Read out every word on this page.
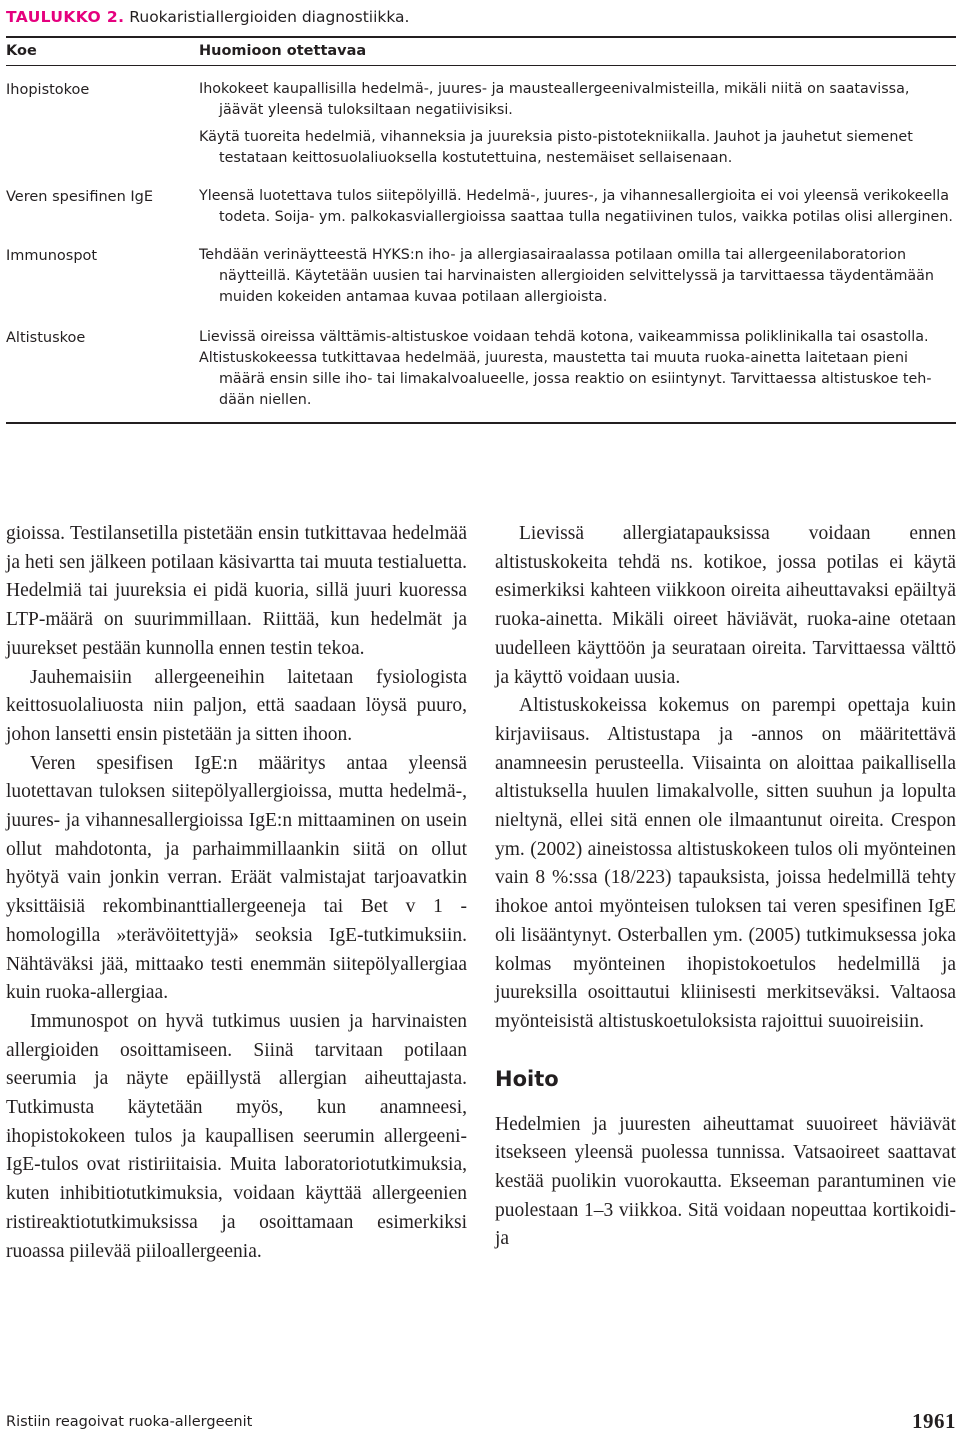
TAULUKKO 2. Ruokaristiallergioiden diagnostiikka.
Koe	Huomioon otettavaa
Ihopistokoe	Ihokokeet kaupallisilla hedelmä-, juures- ja mausteallergeenivalmisteilla, mikäli niitä on saatavissa,
jäävät yleensä tuloksiltaan negatiivisiksi.
Käytä tuoreita hedelmiä, vihanneksia ja juureksia pisto-pistotekniikalla. Jauhot ja jauhetut siemenet
testataan keittosuolaliuoksella kostutettuina, nestemäiset sellaisenaan.
Veren spesifinen IgE	Yleensä luotettava tulos siitepölyillä. Hedelmä-, juures-, ja vihannesallergioita ei voi yleensä verikokeella
todeta. Soija- ym. palkokasviallergioissa saattaa tulla negatiivinen tulos, vaikka potilas olisi allerginen.
Immunospot	Tehdään verinäytteestä HYKS:n iho- ja allergiasairaalassa potilaan omilla tai allergeenilaboratorion
näytteillä. Käytetään uusien tai harvinaisten allergioiden selvittelyssä ja tarvittaessa täydentämään
muiden kokeiden antamaa kuvaa potilaan allergioista.
Altistuskoe	Lievissä oireissa välttämis-altistuskoe voidaan tehdä kotona, vaikeammissa poliklinikalla tai osastolla.
Altistuskokeessa tutkittavaa hedelmää, juuresta, maustetta tai muuta ruoka-ainetta laitetaan pieni
määrä ensin sille iho- tai limakalvoalueelle, jossa reaktio on esiintynyt. Tarvittaessa altistuskoe teh-
dään niellen.

gioissa. Testilansetilla pistetään ensin tutkittavaa hedelmää ja heti sen jälkeen potilaan käsivartta tai muuta testialuetta. Hedelmiä tai juureksia ei pidä kuoria, sillä juuri kuoressa LTP-määrä on suurimmillaan. Riittää, kun hedelmät ja juurekset pestään kunnolla ennen testin tekoa.

Jauhemaisiin allergeeneihin laitetaan fysiologista keittosuolaliuosta niin paljon, että saadaan löysä puuro, johon lansetti ensin pistetään ja sitten ihoon.

Veren spesifisen IgE:n määritys antaa yleensä luotettavan tuloksen siitepölyallergioissa, mutta hedelmä-, juures- ja vihannesallergioissa IgE:n mittaaminen on usein ollut mahdotonta, ja parhaimmillaankin siitä on ollut hyötyä vain jonkin verran. Eräät valmistajat tarjoavatkin yksittäisiä rekombinanttiallergeeneja tai Bet v 1 -homologilla »terävöitettyjä» seoksia IgE-tutkimuksiin. Nähtäväksi jää, mittaako testi enemmän siitepölyallergiaa kuin ruoka-allergiaa.

Immunospot on hyvä tutkimus uusien ja harvinaisten allergioiden osoittamiseen. Siinä tarvitaan potilaan seerumia ja näyte epäillystä allergian aiheuttajasta. Tutkimusta käytetään myös, kun anamneesi, ihopistokokeen tulos ja kaupallisen seerumin allergeeni-IgE-tulos ovat ristiriitaisia. Muita laboratoriotutkimuksia, kuten inhibitiotutkimuksia, voidaan käyttää allergeenien ristireaktiotutkimuksissa ja osoittamaan esimerkiksi ruoassa piilevää piiloallergeenia.

Lievissä allergiatapauksissa voidaan ennen altistuskokeita tehdä ns. kotikoe, jossa potilas ei käytä esimerkiksi kahteen viikkoon oireita aiheuttavaksi epäiltyä ruoka-ainetta. Mikäli oireet häviävät, ruoka-aine otetaan uudelleen käyttöön ja seurataan oireita. Tarvittaessa välttö ja käyttö voidaan uusia.

Altistuskokeissa kokemus on parempi opettaja kuin kirjaviisaus. Altistustapa ja -annos on määritettävä anamneesin perusteella. Viisainta on aloittaa paikallisella altistuksella huulen limakalvolle, sitten suuhun ja lopulta nieltynä, ellei sitä ennen ole ilmaantunut oireita. Crespon ym. (2002) aineistossa altistuskokeen tulos oli myönteinen vain 8 %:ssa (18/223) tapauksista, joissa hedelmillä tehty ihokoe antoi myönteisen tuloksen tai veren spesifinen IgE oli lisääntynyt. Osterballen ym. (2005) tutkimuksessa joka kolmas myönteinen ihopistokoetulos hedelmillä ja juureksilla osoittautui kliinisesti merkitseväksi. Valtaosa myönteisistä altistuskoetuloksista rajoittui suuoireisiin.

Hoito

Hedelmien ja juuresten aiheuttamat suuoireet häviävät itsekseen yleensä puolessa tunnissa. Vatsaoireet saattavat kestää puolikin vuorokautta. Ekseeman parantuminen vie puolestaan 1–3 viikkoa. Sitä voidaan nopeuttaa kortikoidi- ja

Ristiin reagoivat ruoka-allergeenit	1961
